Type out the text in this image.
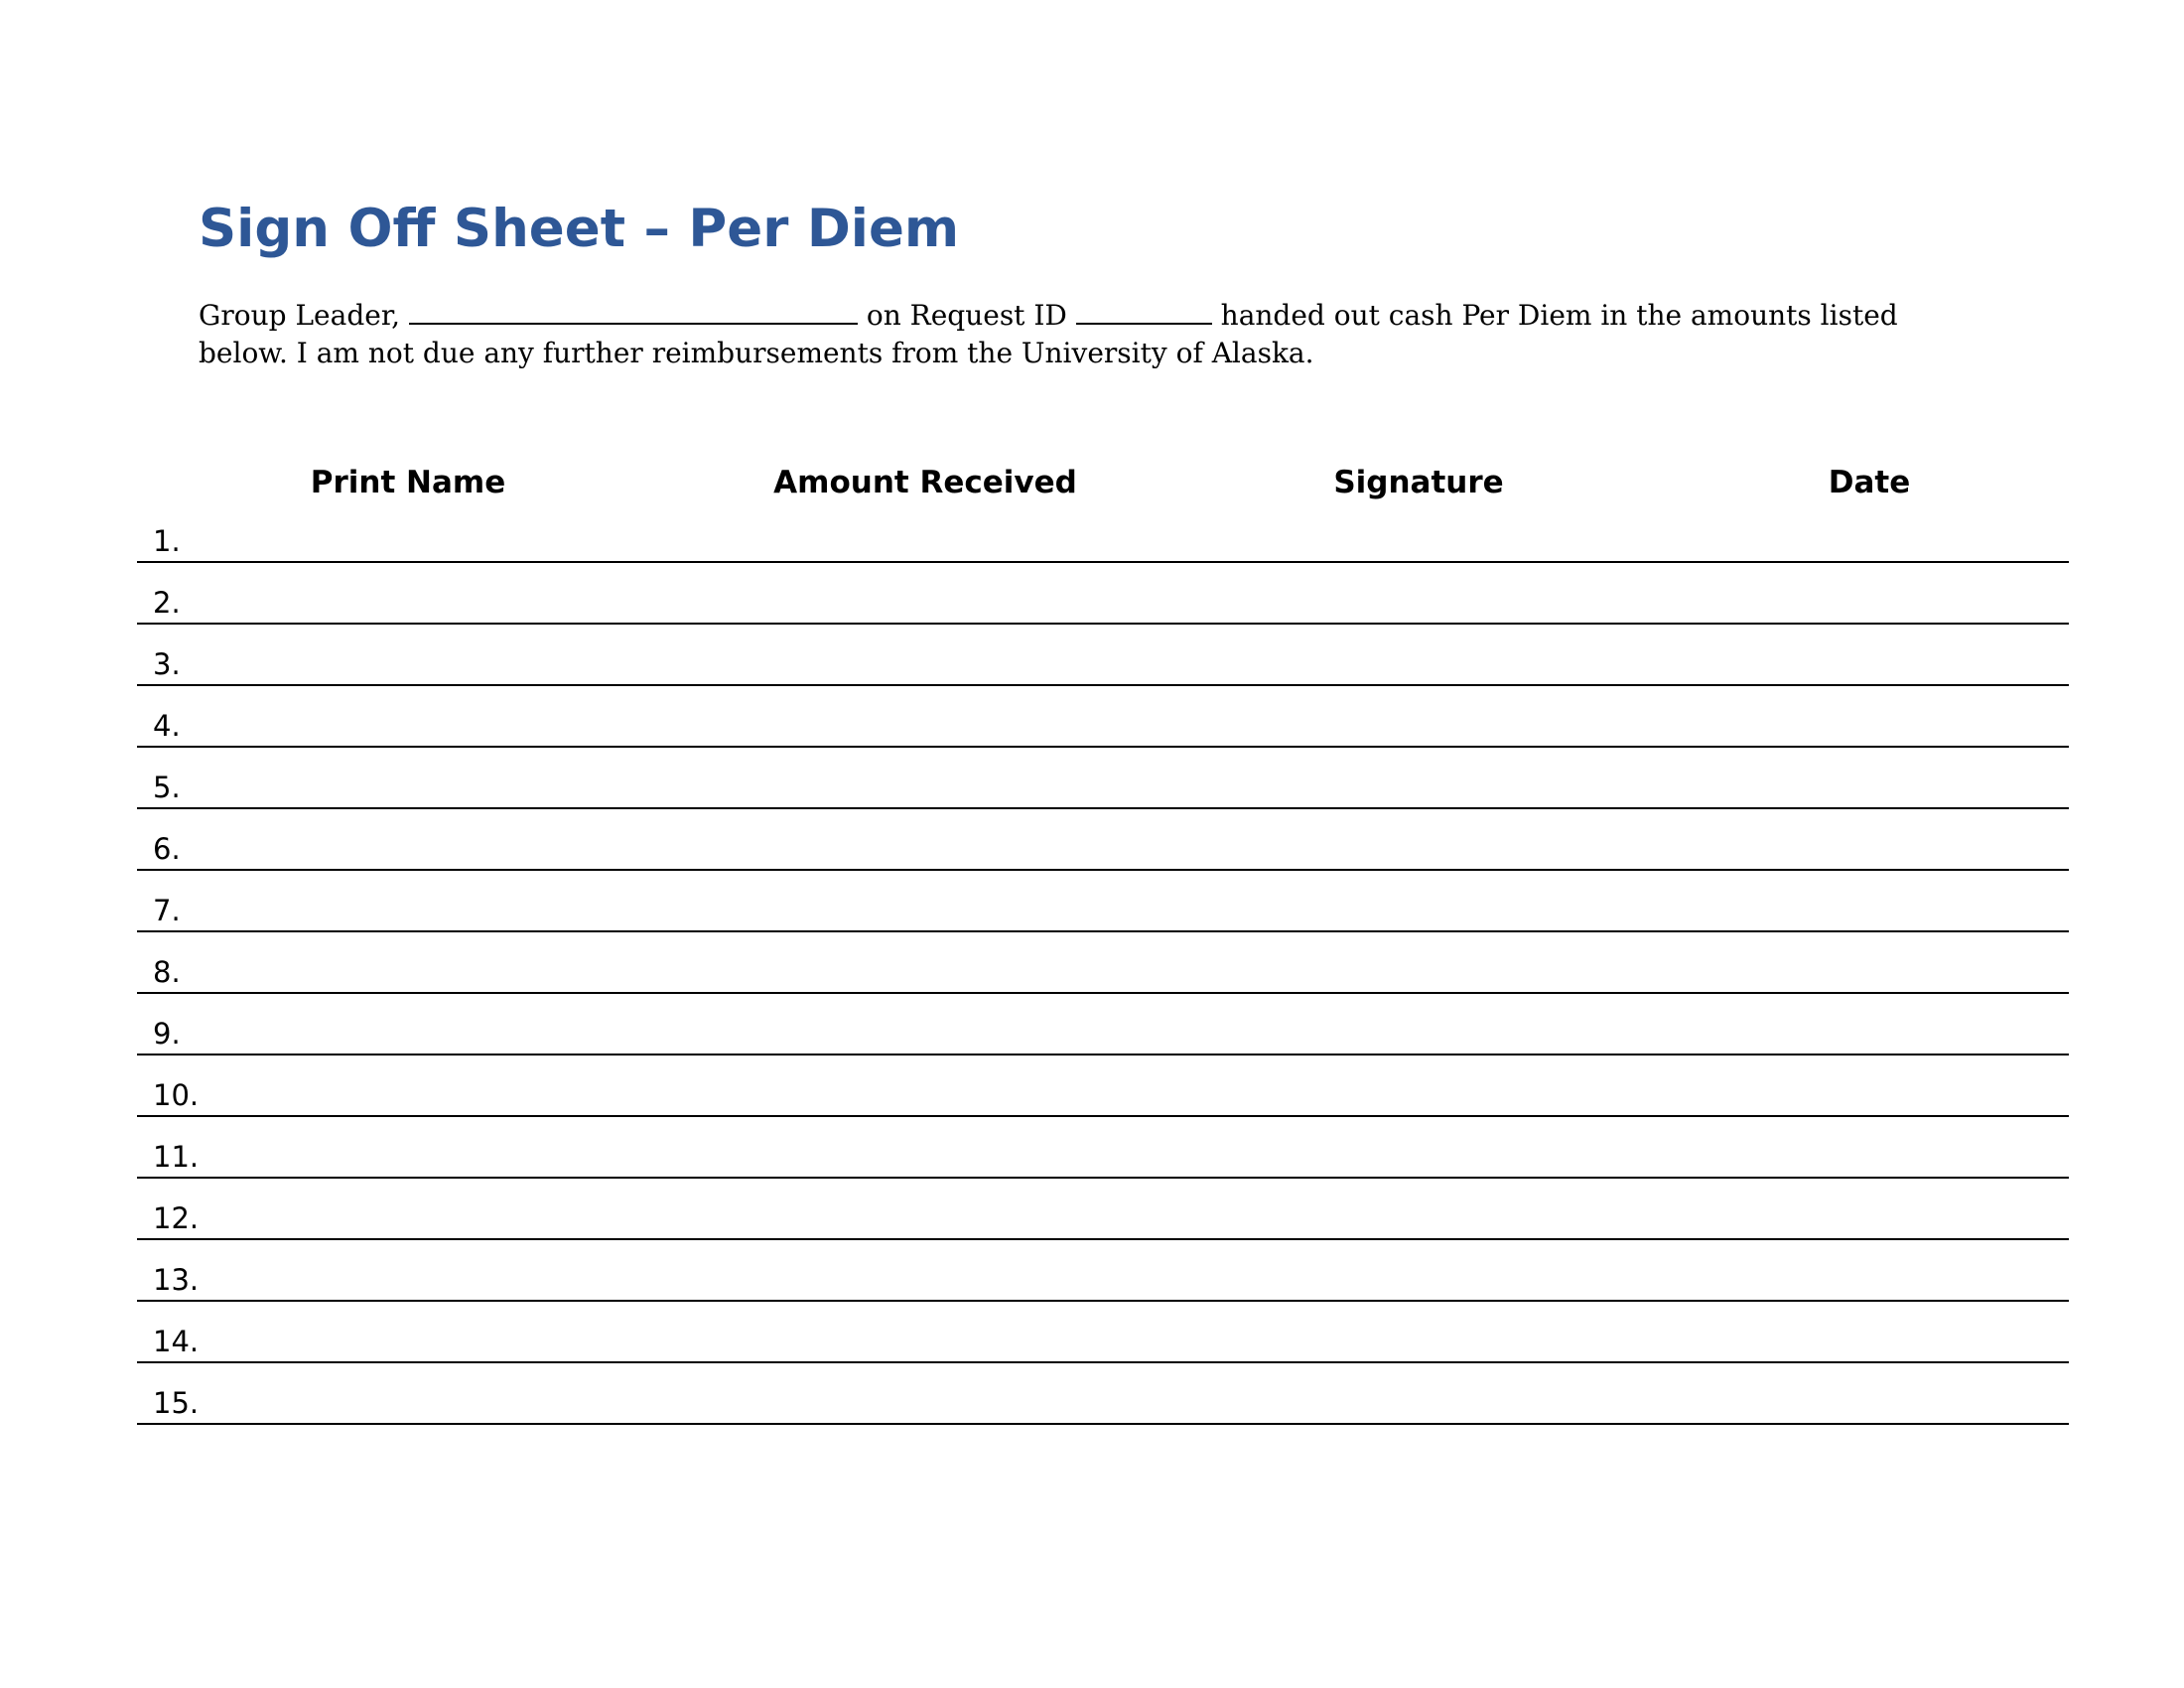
Sign Off Sheet – Per Diem

Group Leader,	on Request ID	handed out cash Per Diem in the amounts listed below. I am not due any further reimbursements from the University of Alaska.

Print Name	Amount Received	Signature	Date
1.
2.
3.
4.
5.
6.
7.
8.
9.
10.
11.
12.
13.
14.
15.
